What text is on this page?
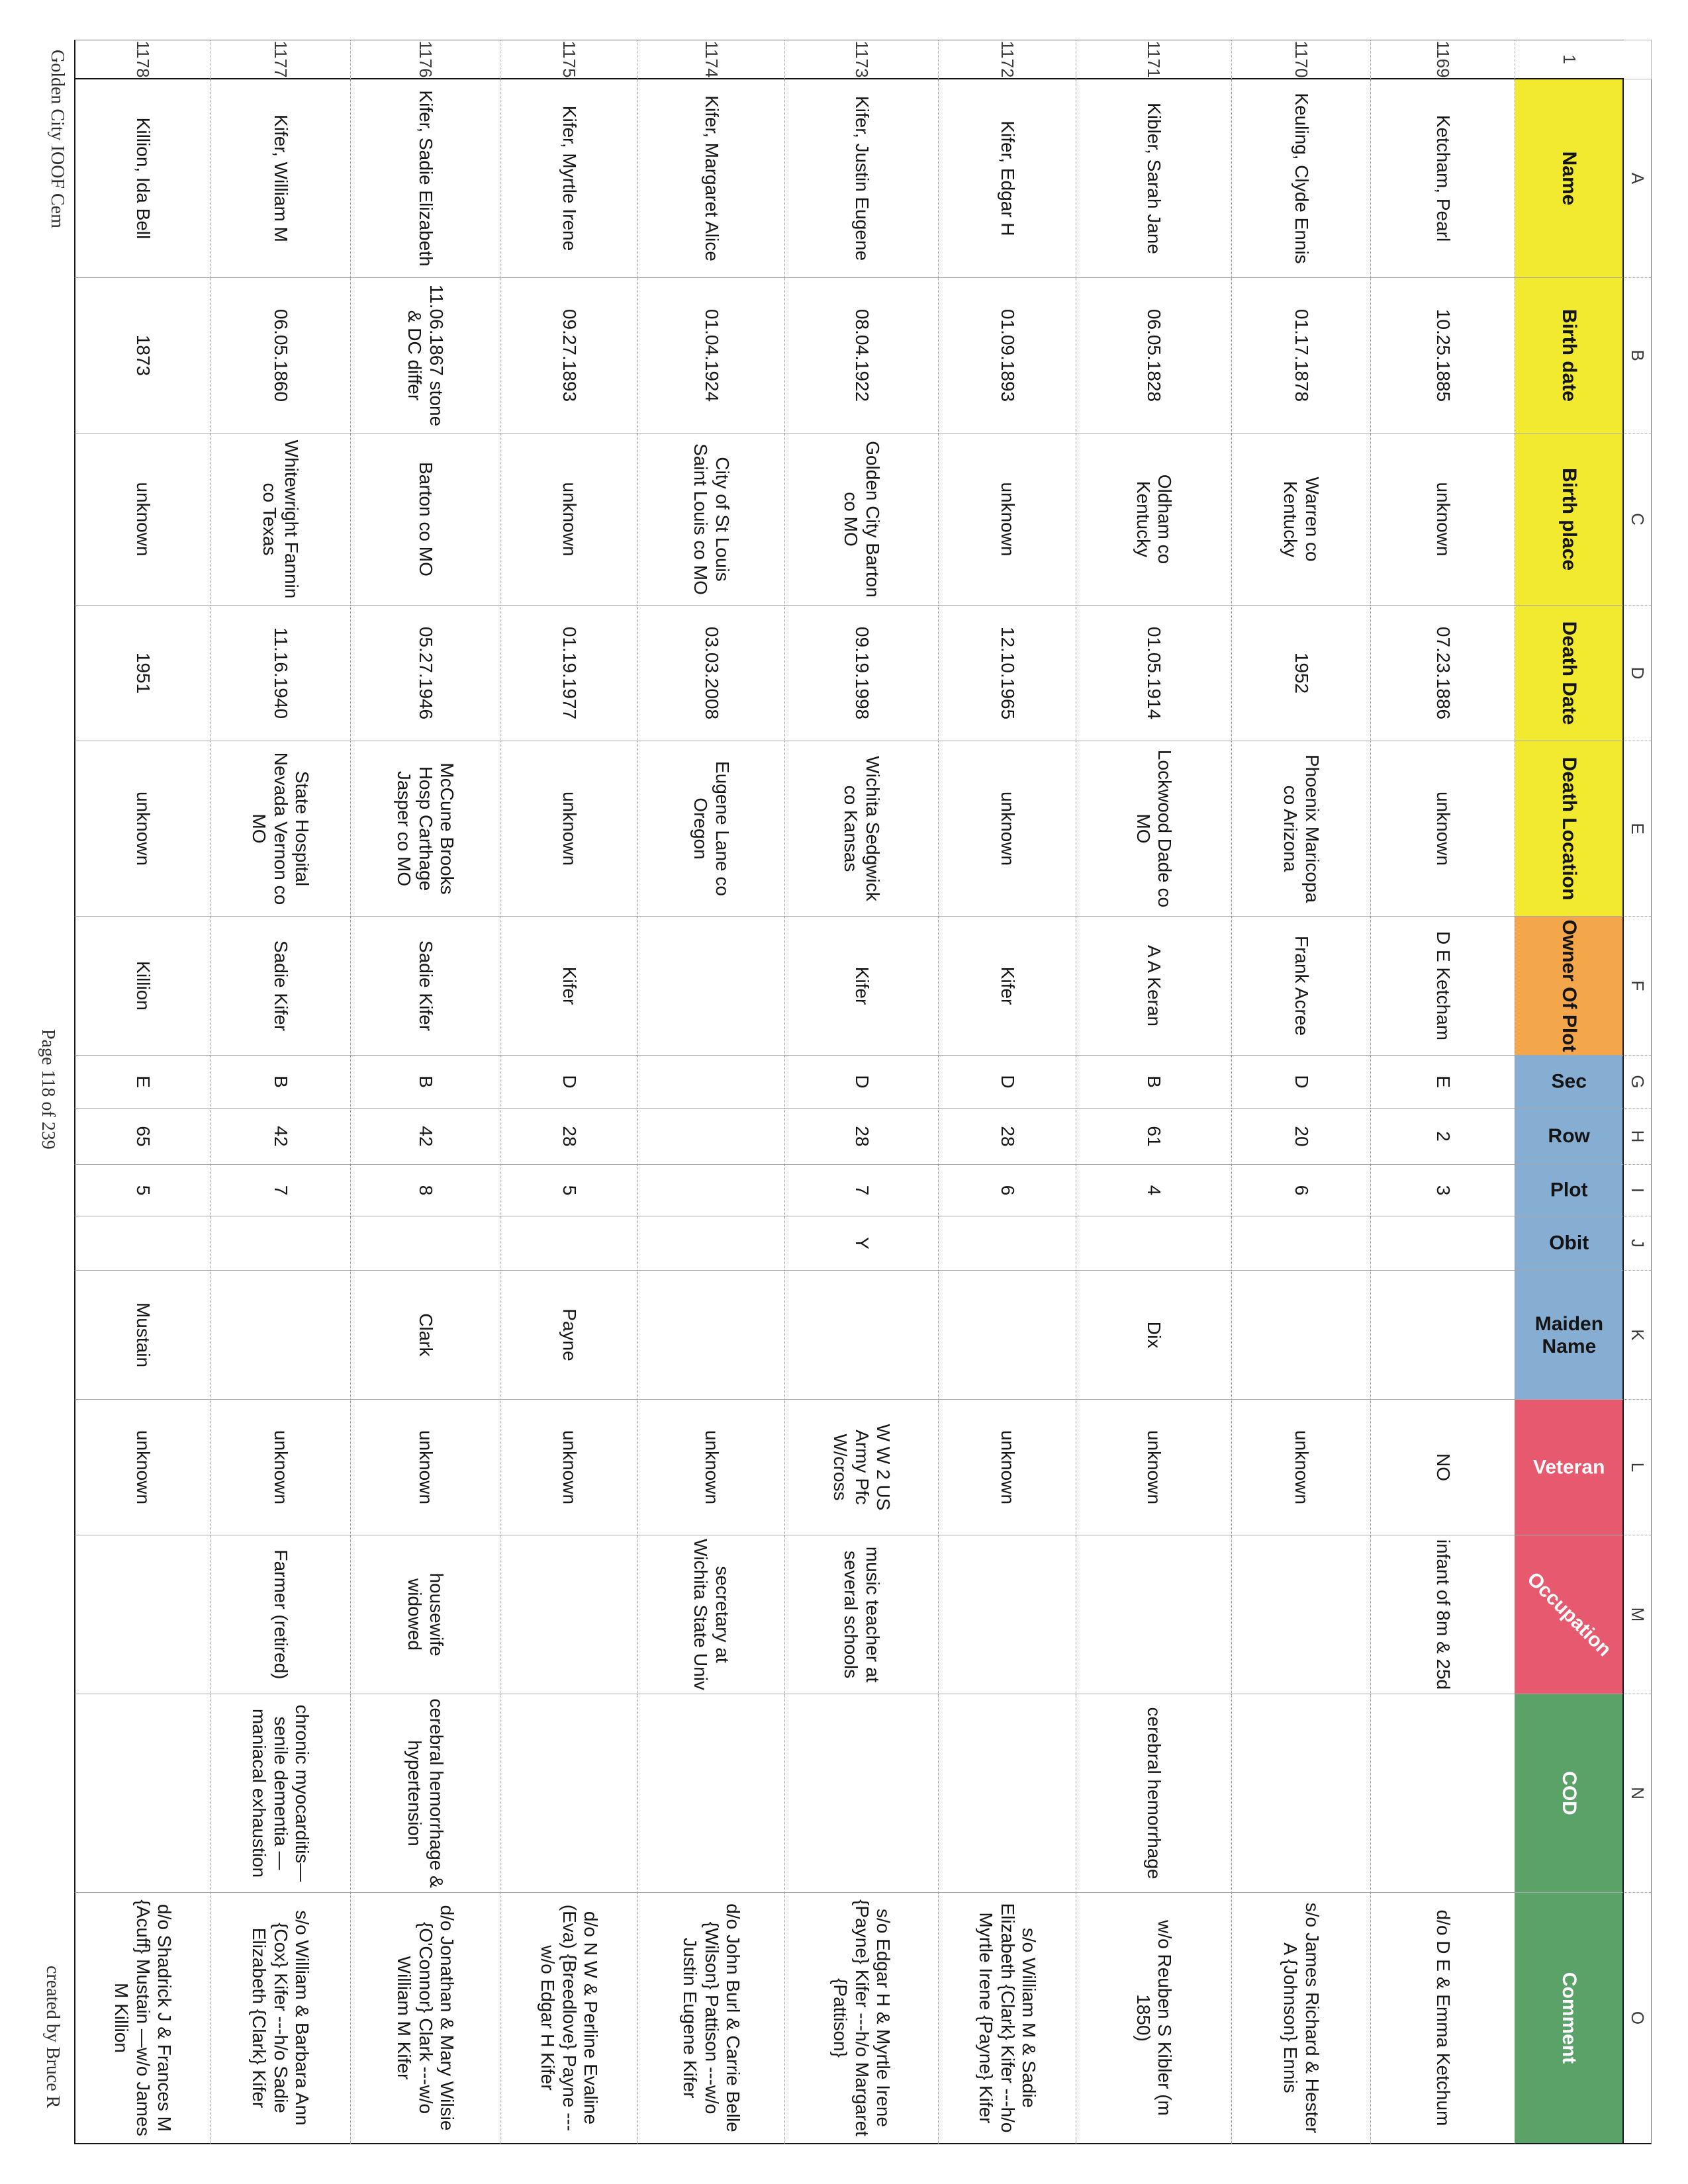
A
B
C
D
E
F
G
H
I
J
K
L
M
N
O
1
Name
Birth date
Birth place
Death Date
Death Location
Owner Of Plot
Sec
Row
Plot
Obit
Maiden Name
Veteran
Occupation
COD
Comment
1169
Ketcham, Pearl
10.25.1885
unknown
07.23.1886
unknown
D E Ketcham
E
2
3
NO
infant of 8m & 25d
d/o D E & Emma Ketchum
1170
Keuling, Clyde Ennis
01.17.1878
Warren co Kentucky
1952
Phoenix Maricopa co Arizona
Frank Acree
D
20
6
unknown
s/o James Richard & Hester A {Johnson} Ennis
1171
Kibler, Sarah Jane
06.05.1828
Oldham co Kentucky
01.05.1914
Lockwood Dade co MO
A A Keran
B
61
4
Dix
unknown
cerebral hemorrhage
w/o Reuben S Kibler (m 1850)
1172
Kifer, Edgar H
01.09.1893
unknown
12.10.1965
unknown
Kifer
D
28
6
unknown
s/o William M & Sadie Elizabeth {Clark} Kifer ---h/o Myrtle Irene {Payne} Kifer
1173
Kifer, Justin Eugene
08.04.1922
Golden City Barton co MO
09.19.1998
Wichita Sedgwick co Kansas
Kifer
D
28
7
Y
W W 2 US Army Pfc W/cross
music teacher at several schools
s/o Edgar H & Myrtle Irene {Payne} Kifer ---h/o Margaret {Pattison}
1174
Kifer, Margaret Alice
01.04.1924
City of St Louis Saint Louis co MO
03.03.2008
Eugene Lane co Oregon
unknown
secretary at Wichita State Univ
d/o John Burl & Carrie Belle {Wilson} Pattison ---w/o Justin Eugene Kifer
1175
Kifer, Myrtle Irene
09.27.1893
unknown
01.19.1977
unknown
Kifer
D
28
5
Payne
unknown
d/o N W & Perline Evaline (Eva) {Breedlove} Payne ---w/o Edgar H Kifer
1176
Kifer, Sadie Elizabeth
11.06.1867 stone & DC differ
Barton co MO
05.27.1946
McCune Brooks Hosp Carthage Jasper co MO
Sadie Kifer
B
42
8
Clark
unknown
housewife widowed
cerebral hemorrhage & hypertension
d/o Jonathan & Mary Wilsie {O'Connor} Clark ---w/o William M Kifer
1177
Kifer, William M
06.05.1860
Whitewright Fannin co Texas
11.16.1940
State Hospital Nevada Vernon co MO
Sadie Kifer
B
42
7
unknown
Farmer (retired)
chronic myocarditis— senile dementia —maniacal exhaustion
s/o William & Barbara Ann {Cox} Kifer ---h/o Sadie Elizabeth {Clark} Kifer
1178
Killion, Ida Bell
1873
unknown
1951
unknown
Killion
E
65
5
Mustain
unknown
d/o Shadrick J & Frances M {Acuff} Mustain —w/o James M Killion
Golden City IOOF Cem
Page 118 of 239
created by Bruce R
